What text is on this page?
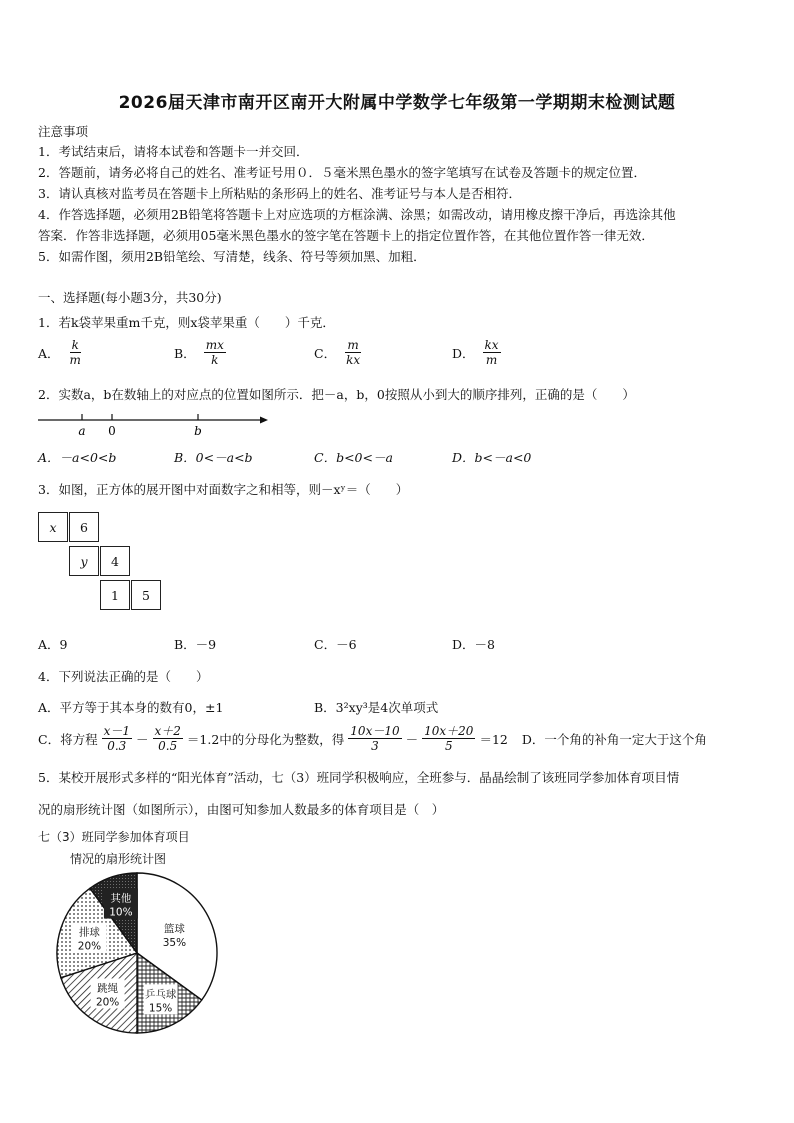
2026届天津市南开区南开大附属中学数学七年级第一学期期末检测试题
注意事项
1．考试结束后，请将本试卷和答题卡一并交回．
2．答题前，请务必将自己的姓名、准考证号用０．５毫米黑色墨水的签字笔填写在试卷及答题卡的规定位置．
3．请认真核对监考员在答题卡上所粘贴的条形码上的姓名、准考证号与本人是否相符．
4．作答选择题，必须用2B铅笔将答题卡上对应选项的方框涂满、涂黑；如需改动，请用橡皮擦干净后，再选涂其他
答案．作答非选择题，必须用05毫米黑色墨水的签字笔在答题卡上的指定位置作答，在其他位置作答一律无效．
5．如需作图，须用2B铅笔绘、写清楚，线条、符号等须加黑、加粗．
一、选择题(每小题3分，共30分)
1．若k袋苹果重m千克，则x袋苹果重（　　）千克．
A． $\frac{k}{m}$	B． $\frac{mx}{k}$	C． $\frac{m}{kx}$	D． $\frac{kx}{m}$
2．实数a，b在数轴上的对应点的位置如图所示．把－a，b，0按照从小到大的顺序排列，正确的是（　　）
a 0	b
A．－a<0<b	B．0<－a<b	C．b<0<－a	D．b<－a<0
3．如图，正方体的展开图中对面数字之和相等，则－xʸ＝（　　）
x	6
y	4
1	5
A．9	B．－9	C．－6	D．－8
4．下列说法正确的是（　　）
A．平方等于其本身的数有0，±1	B．3²xy³是4次单项式
C．将方程 $\frac{x-1}{0.3} - \frac{x+2}{0.5} =1.2$中的分母化为整数，得 $\frac{10x-10}{3} - \frac{10x+20}{5} =12$ D．一个角的补角一定大于这个角
5．某校开展形式多样的“阳光体育”活动，七（3）班同学积极响应，全班参与．晶晶绘制了该班同学参加体育项目情
况的扇形统计图（如图所示），由图可知参加人数最多的体育项目是（　）
七（3）班同学参加体育项目
情况的扇形统计图
篮球
35%
乒乓球
15%
跳绳
20%
排球
20%
其他
10%
